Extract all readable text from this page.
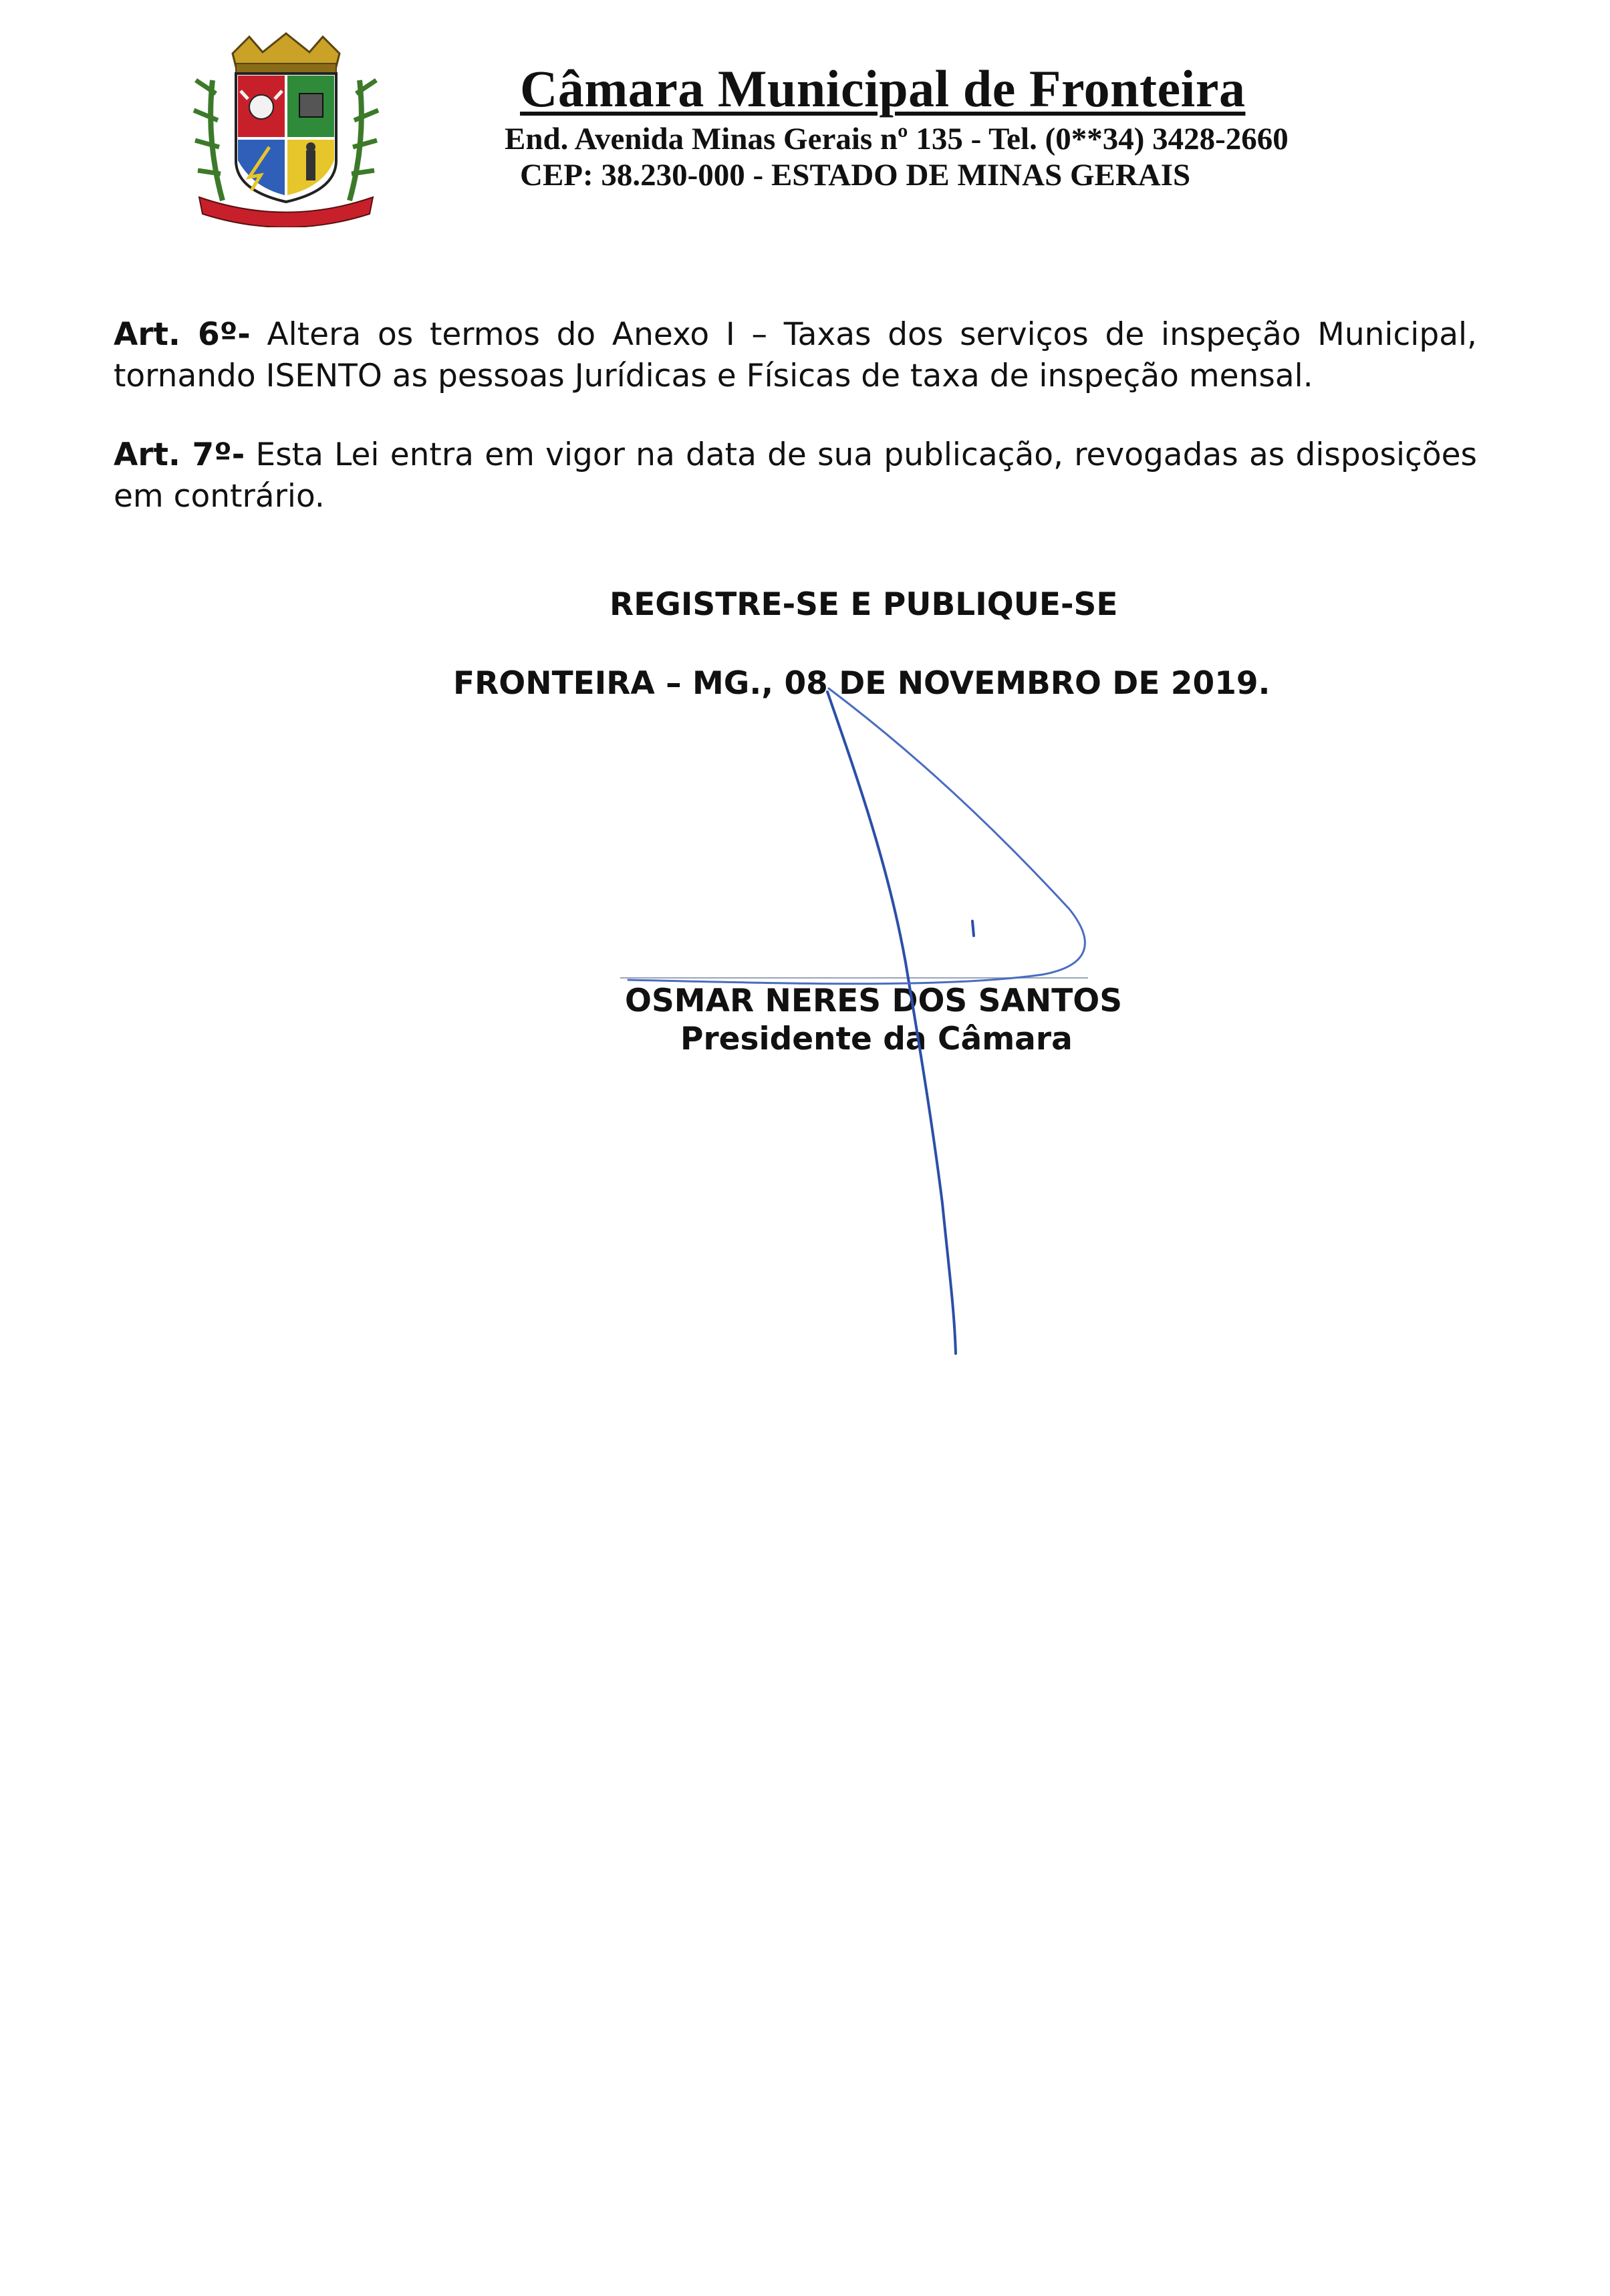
Câmara Municipal de Fronteira
End. Avenida Minas Gerais nº 135 - Tel. (0**34) 3428-2660
CEP: 38.230-000 - ESTADO DE MINAS GERAIS

Art. 6º- Altera os termos do Anexo I – Taxas dos serviços de inspeção Municipal, tornando ISENTO as pessoas Jurídicas e Físicas de taxa de inspeção mensal.

Art. 7º- Esta Lei entra em vigor na data de sua publicação, revogadas as disposições em contrário.

REGISTRE-SE E PUBLIQUE-SE
FRONTEIRA – MG., 08 DE NOVEMBRO DE 2019.
OSMAR NERES DOS SANTOS
Presidente da Câmara
